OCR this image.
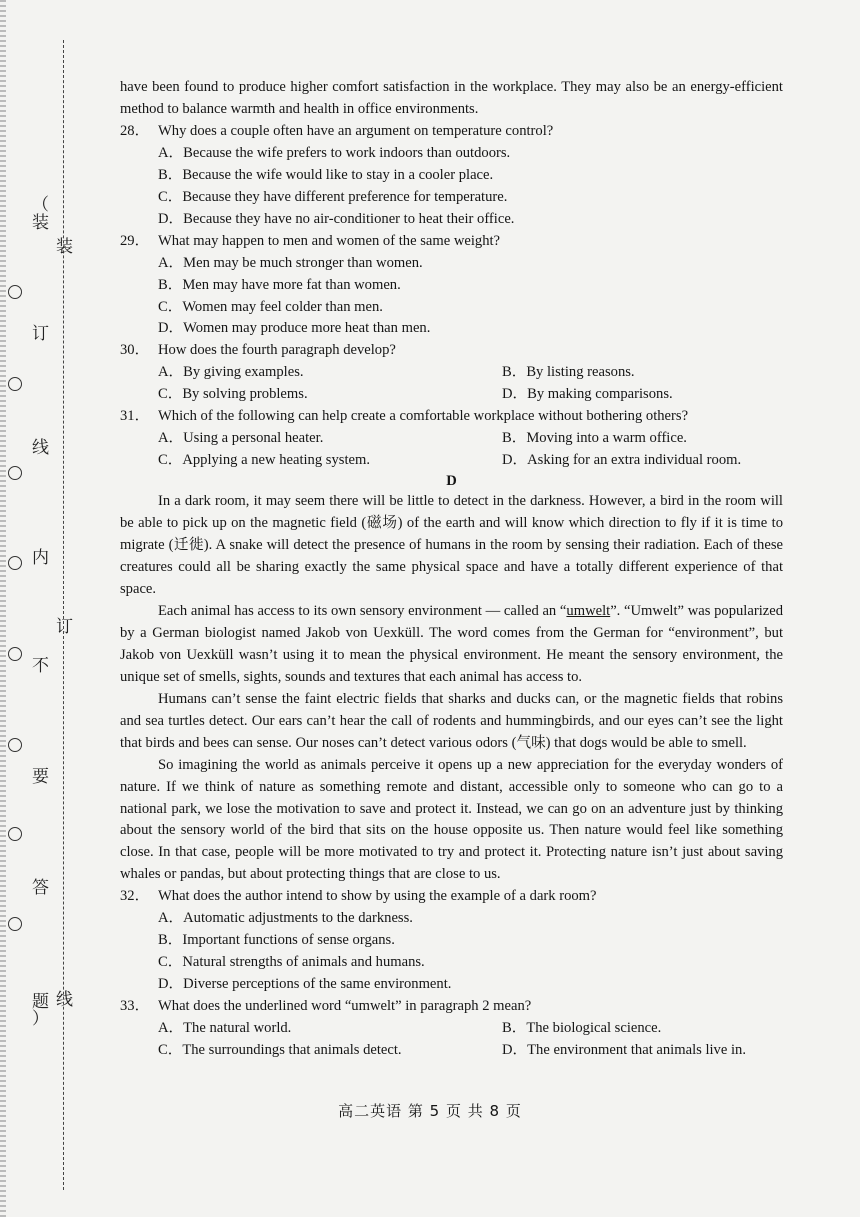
（
装
订
线
内
不
要
答
题
）
装
订
线

have been found to produce higher comfort satisfaction in the workplace. They may also be an energy-efficient method to balance warmth and health in office environments.

28． Why does a couple often have an argument on temperature control?
A．Because the wife prefers to work indoors than outdoors.
B．Because the wife would like to stay in a cooler place.
C．Because they have different preference for temperature.
D．Because they have no air-conditioner to heat their office.
29． What may happen to men and women of the same weight?
A．Men may be much stronger than women.
B．Men may have more fat than women.
C．Women may feel colder than men.
D．Women may produce more heat than men.
30． How does the fourth paragraph develop?
A．By giving examples.	B．By listing reasons.
C．By solving problems.	D．By making comparisons.
31． Which of the following can help create a comfortable workplace without bothering others?
A．Using a personal heater.	B．Moving into a warm office.
C．Applying a new heating system.	D．Asking for an extra individual room.
D

In a dark room, it may seem there will be little to detect in the darkness. However, a bird in the room will be able to pick up on the magnetic field (磁场) of the earth and will know which direction to fly if it is time to migrate (迁徙). A snake will detect the presence of humans in the room by sensing their radiation. Each of these creatures could all be sharing exactly the same physical space and have a totally different experience of that space.

Each animal has access to its own sensory environment — called an “umwelt”. “Umwelt” was popularized by a German biologist named Jakob von Uexküll. The word comes from the German for “environment”, but Jakob von Uexküll wasn’t using it to mean the physical environment. He meant the sensory environment, the unique set of smells, sights, sounds and textures that each animal has access to.

Humans can’t sense the faint electric fields that sharks and ducks can, or the magnetic fields that robins and sea turtles detect. Our ears can’t hear the call of rodents and hummingbirds, and our eyes can’t see the light that birds and bees can sense. Our noses can’t detect various odors (气味) that dogs would be able to smell.

So imagining the world as animals perceive it opens up a new appreciation for the everyday wonders of nature. If we think of nature as something remote and distant, accessible only to someone who can go to a national park, we lose the motivation to save and protect it. Instead, we can go on an adventure just by thinking about the sensory world of the bird that sits on the house opposite us. Then nature would feel like something close. In that case, people will be more motivated to try and protect it. Protecting nature isn’t just about saving whales or pandas, but about protecting things that are close to us.

32． What does the author intend to show by using the example of a dark room?
A．Automatic adjustments to the darkness.
B．Important functions of sense organs.
C．Natural strengths of animals and humans.
D．Diverse perceptions of the same environment.
33． What does the underlined word “umwelt” in paragraph 2 mean?
A．The natural world.	B．The biological science.
C．The surroundings that animals detect.	D．The environment that animals live in.
高二英语 第 5 页 共 8 页
